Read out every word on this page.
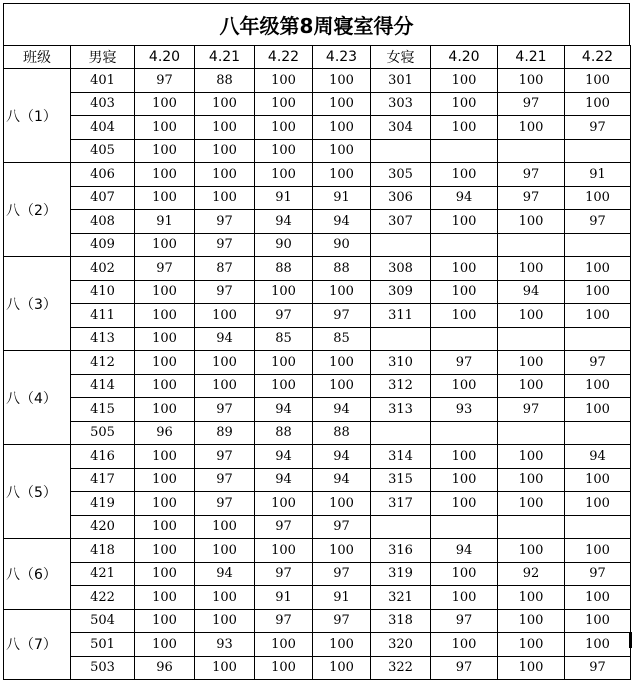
八年级第8周寝室得分
班级	男寝	4.20	4.21	4.22	4.23	女寝	4.20	4.21	4.22
八（1）	401	97	88	100	100	301	100	100	100
	403	100	100	100	100	303	100	97	100
	404	100	100	100	100	304	100	100	97
	405	100	100	100	100				
八（2）	406	100	100	100	100	305	100	97	91
	407	100	100	91	91	306	94	97	100
	408	91	97	94	94	307	100	100	97
	409	100	97	90	90				
八（3）	402	97	87	88	88	308	100	100	100
	410	100	97	100	100	309	100	94	100
	411	100	100	97	97	311	100	100	100
	413	100	94	85	85				
八（4）	412	100	100	100	100	310	97	100	97
	414	100	100	100	100	312	100	100	100
	415	100	97	94	94	313	93	97	100
	505	96	89	88	88				
八（5）	416	100	97	94	94	314	100	100	94
	417	100	97	94	94	315	100	100	100
	419	100	97	100	100	317	100	100	100
	420	100	100	97	97				
八（6）	418	100	100	100	100	316	94	100	100
	421	100	94	97	97	319	100	92	97
	422	100	100	91	91	321	100	100	100
八（7）	504	100	100	97	97	318	97	100	100
	501	100	93	100	100	320	100	100	100
	503	96	100	100	100	322	97	100	97
